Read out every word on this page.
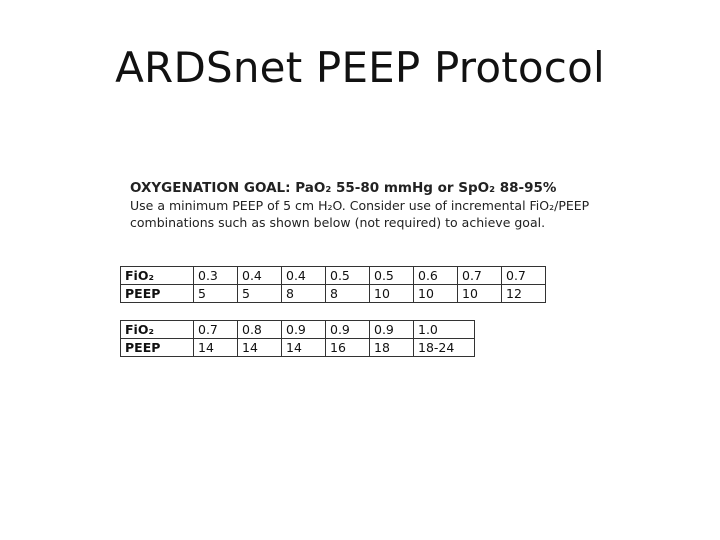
ARDSnet PEEP Protocol
OXYGENATION GOAL: PaO₂ 55-80 mmHg or SpO₂ 88-95%
Use a minimum PEEP of 5 cm H₂O. Consider use of incremental FiO₂/PEEP
combinations such as shown below (not required) to achieve goal.
FiO₂	0.3	0.4	0.4	0.5	0.5	0.6	0.7	0.7
PEEP	5	5	8	8	10	10	10	12
FiO₂	0.7	0.8	0.9	0.9	0.9	1.0
PEEP	14	14	14	16	18	18-24
